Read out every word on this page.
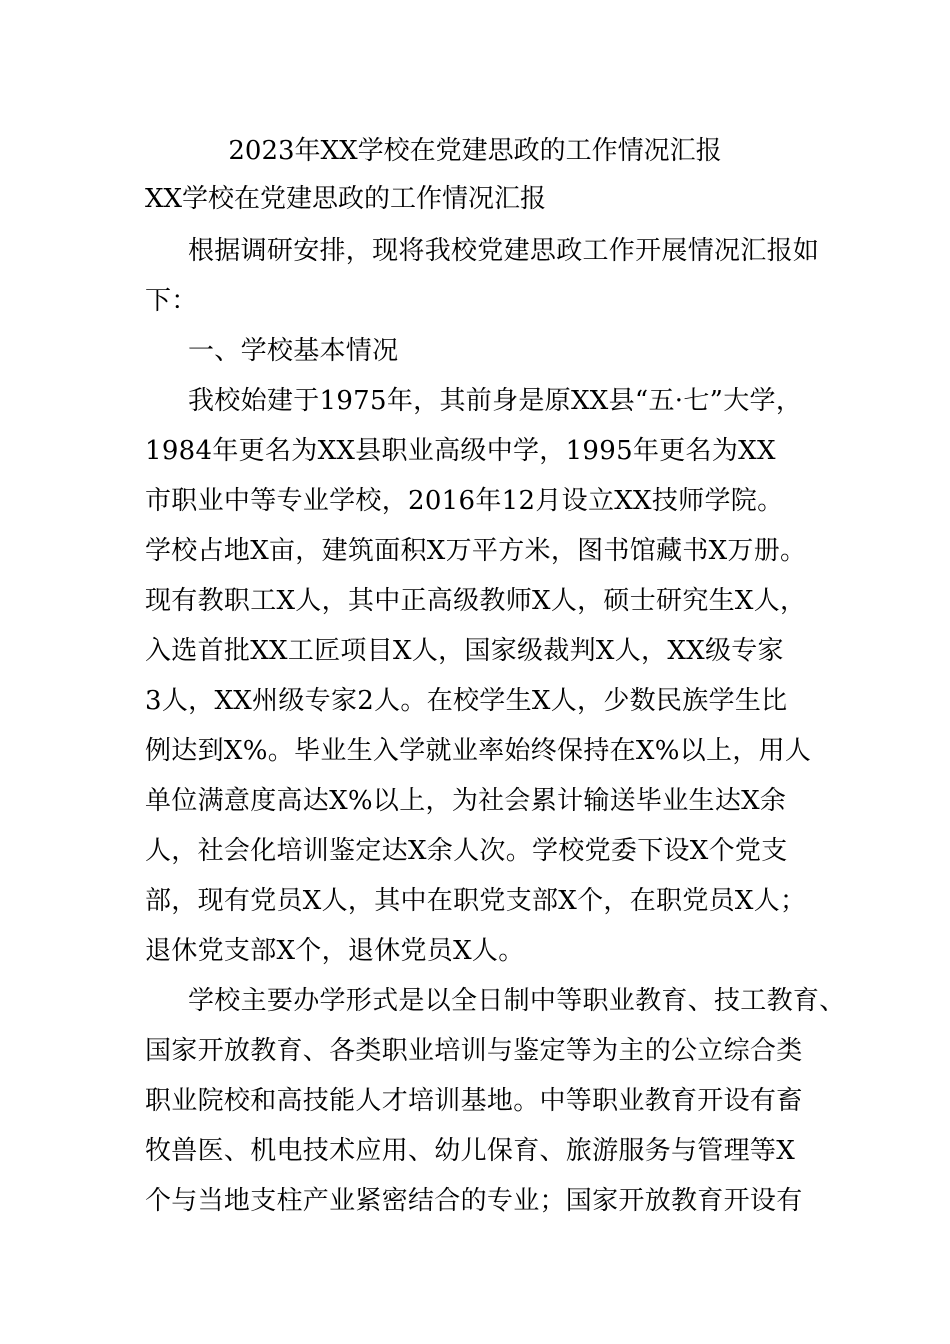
2023年XX学校在党建思政的工作情况汇报
XX学校在党建思政的工作情况汇报
根据调研安排，现将我校党建思政工作开展情况汇报如
下：
一、学校基本情况
我校始建于1975年，其前身是原XX县“五·七”大学，
1984年更名为XX县职业高级中学，1995年更名为XX
市职业中等专业学校，2016年12月设立XX技师学院。
学校占地X亩，建筑面积X万平方米，图书馆藏书X万册。
现有教职工X人，其中正高级教师X人，硕士研究生X人，
入选首批XX工匠项目X人，国家级裁判X人，XX级专家
3人，XX州级专家2人。在校学生X人，少数民族学生比
例达到X%。毕业生入学就业率始终保持在X%以上，用人
单位满意度高达X%以上，为社会累计输送毕业生达X余
人，社会化培训鉴定达X余人次。学校党委下设X个党支
部，现有党员X人，其中在职党支部X个，在职党员X人；
退休党支部X个，退休党员X人。
学校主要办学形式是以全日制中等职业教育、技工教育、
国家开放教育、各类职业培训与鉴定等为主的公立综合类
职业院校和高技能人才培训基地。中等职业教育开设有畜
牧兽医、机电技术应用、幼儿保育、旅游服务与管理等X
个与当地支柱产业紧密结合的专业；国家开放教育开设有
